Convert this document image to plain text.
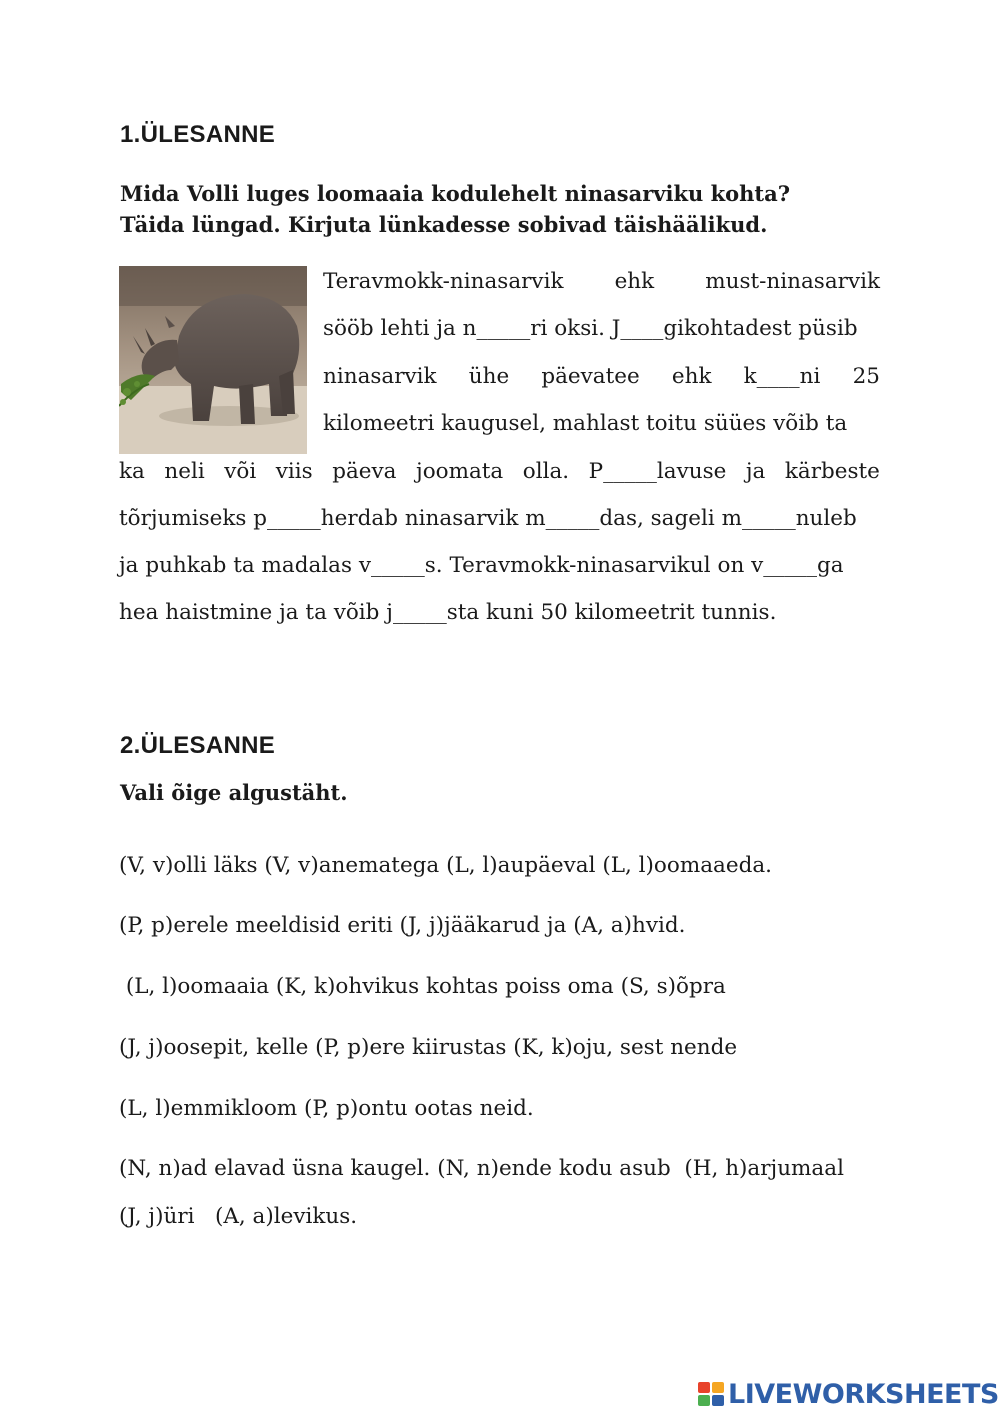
1.ÜLESANNE
Mida Volli luges loomaaia kodulehelt ninasarviku kohta?
Täida lüngad. Kirjuta lünkadesse sobivad täishäälikud.
Teravmokk-ninasarvik ehk must-ninasarvik
sööb lehti ja n_____ri oksi. J____gikohtadest püsib
ninasarvik ühe päevatee ehk k____ni 25
kilomeetri kaugusel, mahlast toitu süües võib ta
ka neli või viis päeva joomata olla. P_____lavuse ja kärbeste
tõrjumiseks p_____herdab ninasarvik m_____das, sageli m_____nuleb
ja puhkab ta madalas v_____s. Teravmokk-ninasarvikul on v_____ga
hea haistmine ja ta võib j_____sta kuni 50 kilomeetrit tunnis.
2.ÜLESANNE
Vali õige algustäht.
(V, v)olli läks (V, v)anematega (L, l)aupäeval (L, l)oomaaeda.
(P, p)erele meeldisid eriti (J, j)jääkarud ja (A, a)hvid.
(L, l)oomaaia (K, k)ohvikus kohtas poiss oma (S, s)õpra
(J, j)oosepit, kelle (P, p)ere kiirustas (K, k)oju, sest nende
(L, l)emmikloom (P, p)ontu ootas neid.
(N, n)ad elavad üsna kaugel. (N, n)ende kodu asub  (H, h)arjumaal
(J, j)üri   (A, a)levikus.
LIVEWORKSHEETS
